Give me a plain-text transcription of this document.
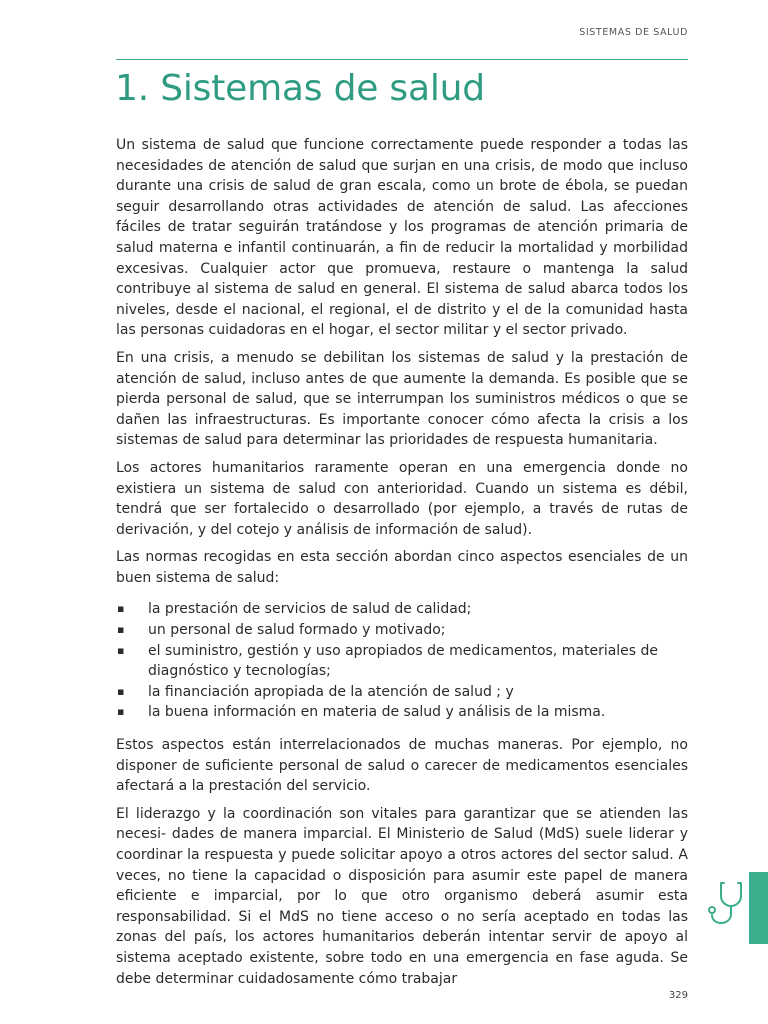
SISTEMAS DE SALUD
1. Sistemas de salud

Un sistema de salud que funcione correctamente puede responder a todas las necesidades de atención de salud que surjan en una crisis, de modo que incluso durante una crisis de salud de gran escala, como un brote de ébola, se puedan seguir desarrollando otras actividades de atención de salud. Las afecciones fáciles de tratar seguirán tratándose y los programas de atención primaria de salud materna e infantil continuarán, a fin de reducir la mortalidad y morbilidad excesivas. Cualquier actor que promueva, restaure o mantenga la salud contribuye al sistema de salud en general. El sistema de salud abarca todos los niveles, desde el nacional, el regional, el de distrito y el de la comunidad hasta las personas cuidadoras en el hogar, el sector militar y el sector privado.

En una crisis, a menudo se debilitan los sistemas de salud y la prestación de atención de salud, incluso antes de que aumente la demanda. Es posible que se pierda personal de salud, que se interrumpan los suministros médicos o que se dañen las infraestructuras. Es importante conocer cómo afecta la crisis a los sistemas de salud para determinar las prioridades de respuesta humanitaria.

Los actores humanitarios raramente operan en una emergencia donde no existiera un sistema de salud con anterioridad. Cuando un sistema es débil, tendrá que ser fortalecido o desarrollado (por ejemplo, a través de rutas de derivación, y del cotejo y análisis de información de salud).

Las normas recogidas en esta sección abordan cinco aspectos esenciales de un buen sistema de salud:

▪ la prestación de servicios de salud de calidad;
▪ un personal de salud formado y motivado;
▪ el suministro, gestión y uso apropiados de medicamentos, materiales de diagnóstico y tecnologías;
▪ la financiación apropiada de la atención de salud ; y
▪ la buena información en materia de salud y análisis de la misma.

Estos aspectos están interrelacionados de muchas maneras. Por ejemplo, no disponer de suficiente personal de salud o carecer de medicamentos esenciales afectará a la prestación del servicio.

El liderazgo y la coordinación son vitales para garantizar que se atienden las necesi- dades de manera imparcial. El Ministerio de Salud (MdS) suele liderar y coordinar la respuesta y puede solicitar apoyo a otros actores del sector salud. A veces, no tiene la capacidad o disposición para asumir este papel de manera eficiente e imparcial, por lo que otro organismo deberá asumir esta responsabilidad. Si el MdS no tiene acceso o no sería aceptado en todas las zonas del país, los actores humanitarios deberán intentar servir de apoyo al sistema aceptado existente, sobre todo en una emergencia en fase aguda. Se debe determinar cuidadosamente cómo trabajar

329
